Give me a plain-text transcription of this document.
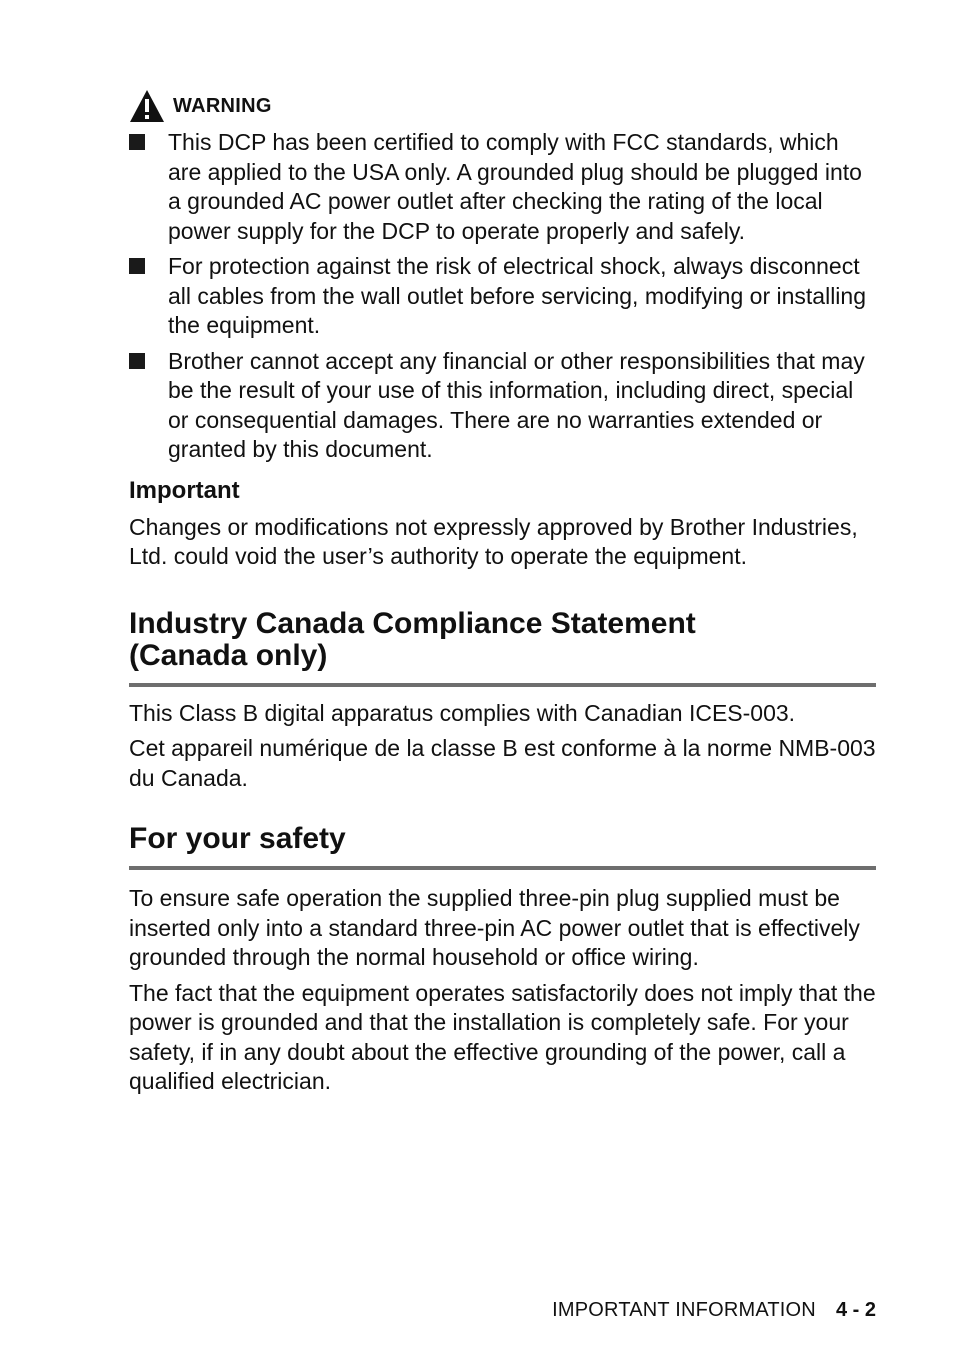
WARNING
This DCP has been certified to comply with FCC standards, which are applied to the USA only. A grounded plug should be plugged into a grounded AC power outlet after checking the rating of the local power supply for the DCP to operate properly and safely.
For protection against the risk of electrical shock, always disconnect all cables from the wall outlet before servicing, modifying or installing the equipment.
Brother cannot accept any financial or other responsibilities that may be the result of your use of this information, including direct, special or consequential damages. There are no warranties extended or granted by this document.
Important

Changes or modifications not expressly approved by Brother Industries, Ltd. could void the user’s authority to operate the equipment.

Industry Canada Compliance Statement
(Canada only)

This Class B digital apparatus complies with Canadian ICES-003.

Cet appareil numérique de la classe B est conforme à la norme NMB-003 du Canada.

For your safety

To ensure safe operation the supplied three-pin plug supplied must be inserted only into a standard three-pin AC power outlet that is effectively grounded through the normal household or office wiring.

The fact that the equipment operates satisfactorily does not imply that the power is grounded and that the installation is completely safe. For your safety, if in any doubt about the effective grounding of the power, call a qualified electrician.

IMPORTANT INFORMATION 4 - 2
